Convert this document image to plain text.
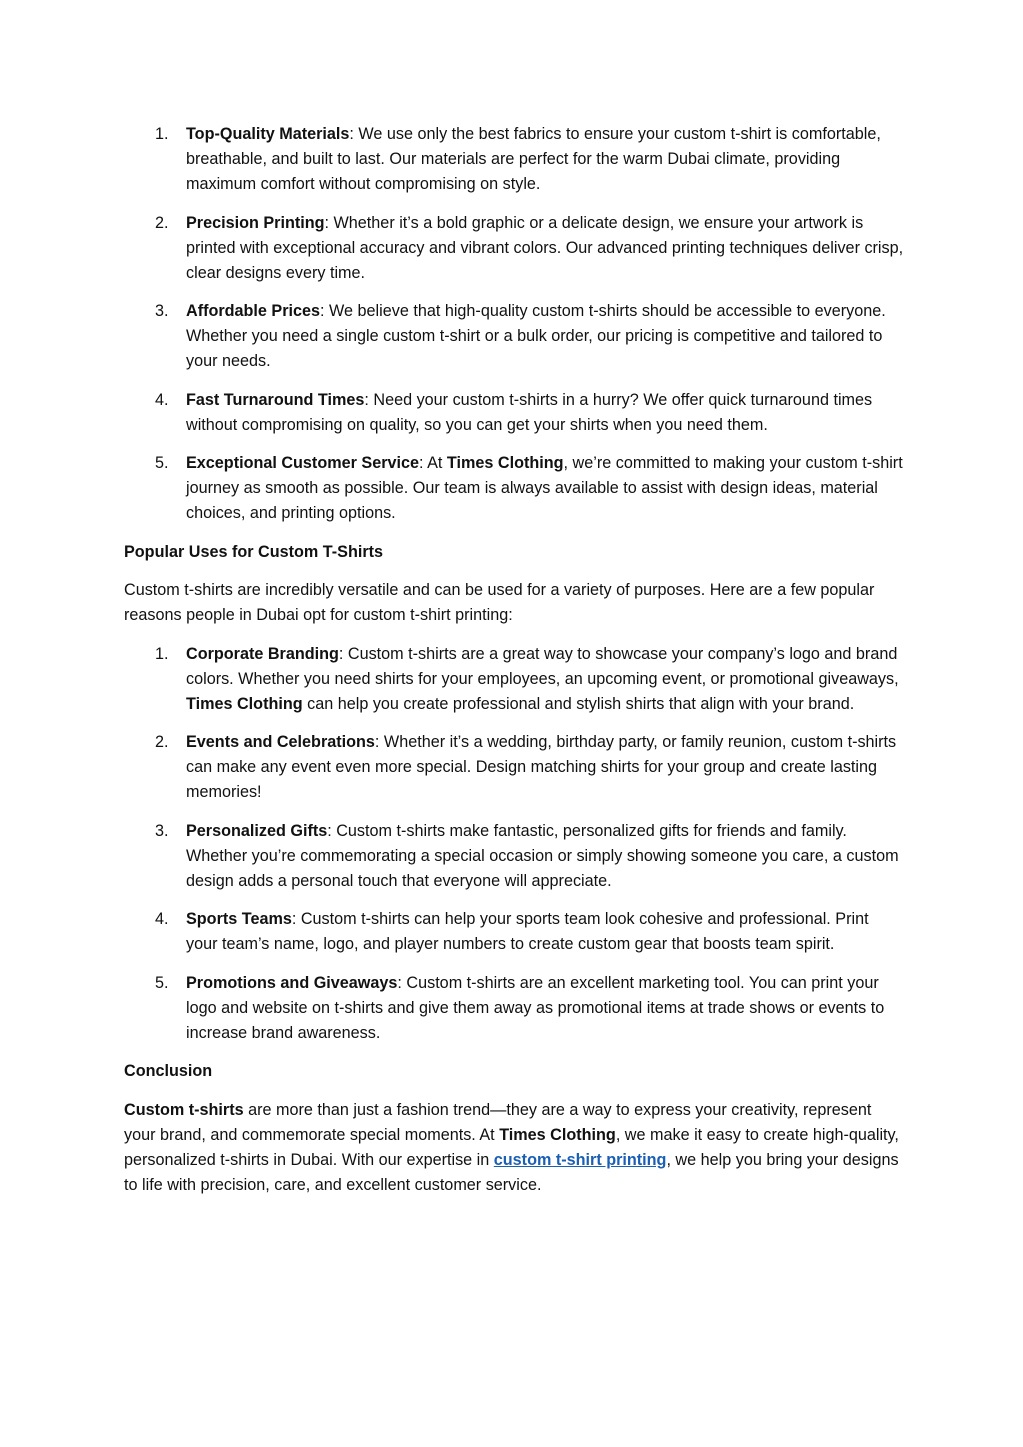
1. Top-Quality Materials: We use only the best fabrics to ensure your custom t-shirt is comfortable, breathable, and built to last. Our materials are perfect for the warm Dubai climate, providing maximum comfort without compromising on style.
2. Precision Printing: Whether it’s a bold graphic or a delicate design, we ensure your artwork is printed with exceptional accuracy and vibrant colors. Our advanced printing techniques deliver crisp, clear designs every time.
3. Affordable Prices: We believe that high-quality custom t-shirts should be accessible to everyone. Whether you need a single custom t-shirt or a bulk order, our pricing is competitive and tailored to your needs.
4. Fast Turnaround Times: Need your custom t-shirts in a hurry? We offer quick turnaround times without compromising on quality, so you can get your shirts when you need them.
5. Exceptional Customer Service: At Times Clothing, we’re committed to making your custom t-shirt journey as smooth as possible. Our team is always available to assist with design ideas, material choices, and printing options.

Popular Uses for Custom T-Shirts

Custom t-shirts are incredibly versatile and can be used for a variety of purposes. Here are a few popular reasons people in Dubai opt for custom t-shirt printing:

1. Corporate Branding: Custom t-shirts are a great way to showcase your company’s logo and brand colors. Whether you need shirts for your employees, an upcoming event, or promotional giveaways, Times Clothing can help you create professional and stylish shirts that align with your brand.
2. Events and Celebrations: Whether it’s a wedding, birthday party, or family reunion, custom t-shirts can make any event even more special. Design matching shirts for your group and create lasting memories!
3. Personalized Gifts: Custom t-shirts make fantastic, personalized gifts for friends and family. Whether you’re commemorating a special occasion or simply showing someone you care, a custom design adds a personal touch that everyone will appreciate.
4. Sports Teams: Custom t-shirts can help your sports team look cohesive and professional. Print your team’s name, logo, and player numbers to create custom gear that boosts team spirit.
5. Promotions and Giveaways: Custom t-shirts are an excellent marketing tool. You can print your logo and website on t-shirts and give them away as promotional items at trade shows or events to increase brand awareness.

Conclusion

Custom t-shirts are more than just a fashion trend—they are a way to express your creativity, represent your brand, and commemorate special moments. At Times Clothing, we make it easy to create high-quality, personalized t-shirts in Dubai. With our expertise in custom t-shirt printing, we help you bring your designs to life with precision, care, and excellent customer service.
